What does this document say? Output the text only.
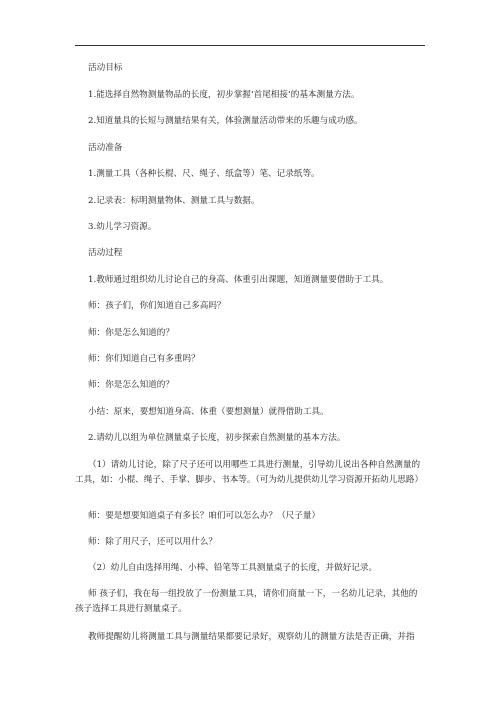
活动目标
1.能选择自然物测量物品的长度，初步掌握‘首尾相接’的基本测量方法。
2.知道量具的长短与测量结果有关，体验测量活动带来的乐趣与成功感。
活动准备
1.测量工具（各种长棍、尺、绳子、纸盒等）笔、记录纸等。
2.记录表：标明测量物体、测量工具与数据。
3.幼儿学习资源。
活动过程
1.教师通过组织幼儿讨论自己的身高、体重引出课题，知道测量要借助于工具。
师：孩子们，你们知道自己多高吗？
师：你是怎么知道的？
师：你们知道自己有多重吗？
师：你是怎么知道的？
小结：原来，要想知道身高、体重（要想测量）就得借助工具。
2.请幼儿以组为单位测量桌子长度，初步探索自然测量的基本方法。
（1）请幼儿讨论，除了尺子还可以用哪些工具进行测量，引导幼儿说出各种自然测量的工具，如：小棍、绳子、手掌、脚步、书本等。（可为幼儿提供幼儿学习资源开拓幼儿思路）
师：要是想要知道桌子有多长？咱们可以怎么办？（尺子量）
师：除了用尺子，还可以用什么？
（2）幼儿自由选择用绳、小棒、铅笔等工具测量桌子的长度，并做好记录。
师 孩子们，我在每一组投放了一份测量工具，请你们商量一下，一名幼儿记录，其他的孩子选择工具进行测量桌子。
教师提醒幼儿将测量工具与测量结果都要记录好，观察幼儿的测量方法是否正确，并指
